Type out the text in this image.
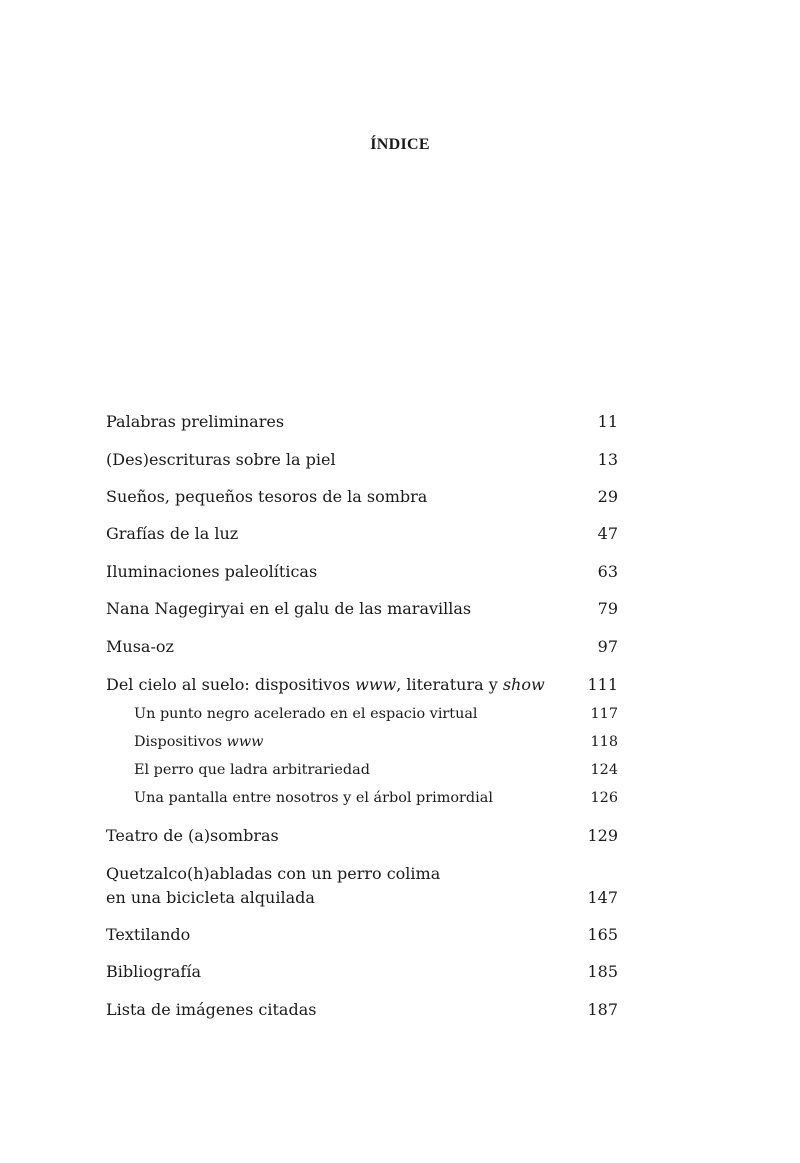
ÍNDICE
Palabras preliminares	11
(Des)escrituras sobre la piel	13
Sueños, pequeños tesoros de la sombra	29
Grafías de la luz	47
Iluminaciones paleolíticas	63
Nana Nagegiryai en el galu de las maravillas	79
Musa-oz	97
Del cielo al suelo: dispositivos www, literatura y show	111
Un punto negro acelerado en el espacio virtual	117
Dispositivos www	118
El perro que ladra arbitrariedad	124
Una pantalla entre nosotros y el árbol primordial	126
Teatro de (a)sombras	129
Quetzalco(h)abladas con un perro colima
en una bicicleta alquilada	147
Textilando	165
Bibliografía	185
Lista de imágenes citadas	187
